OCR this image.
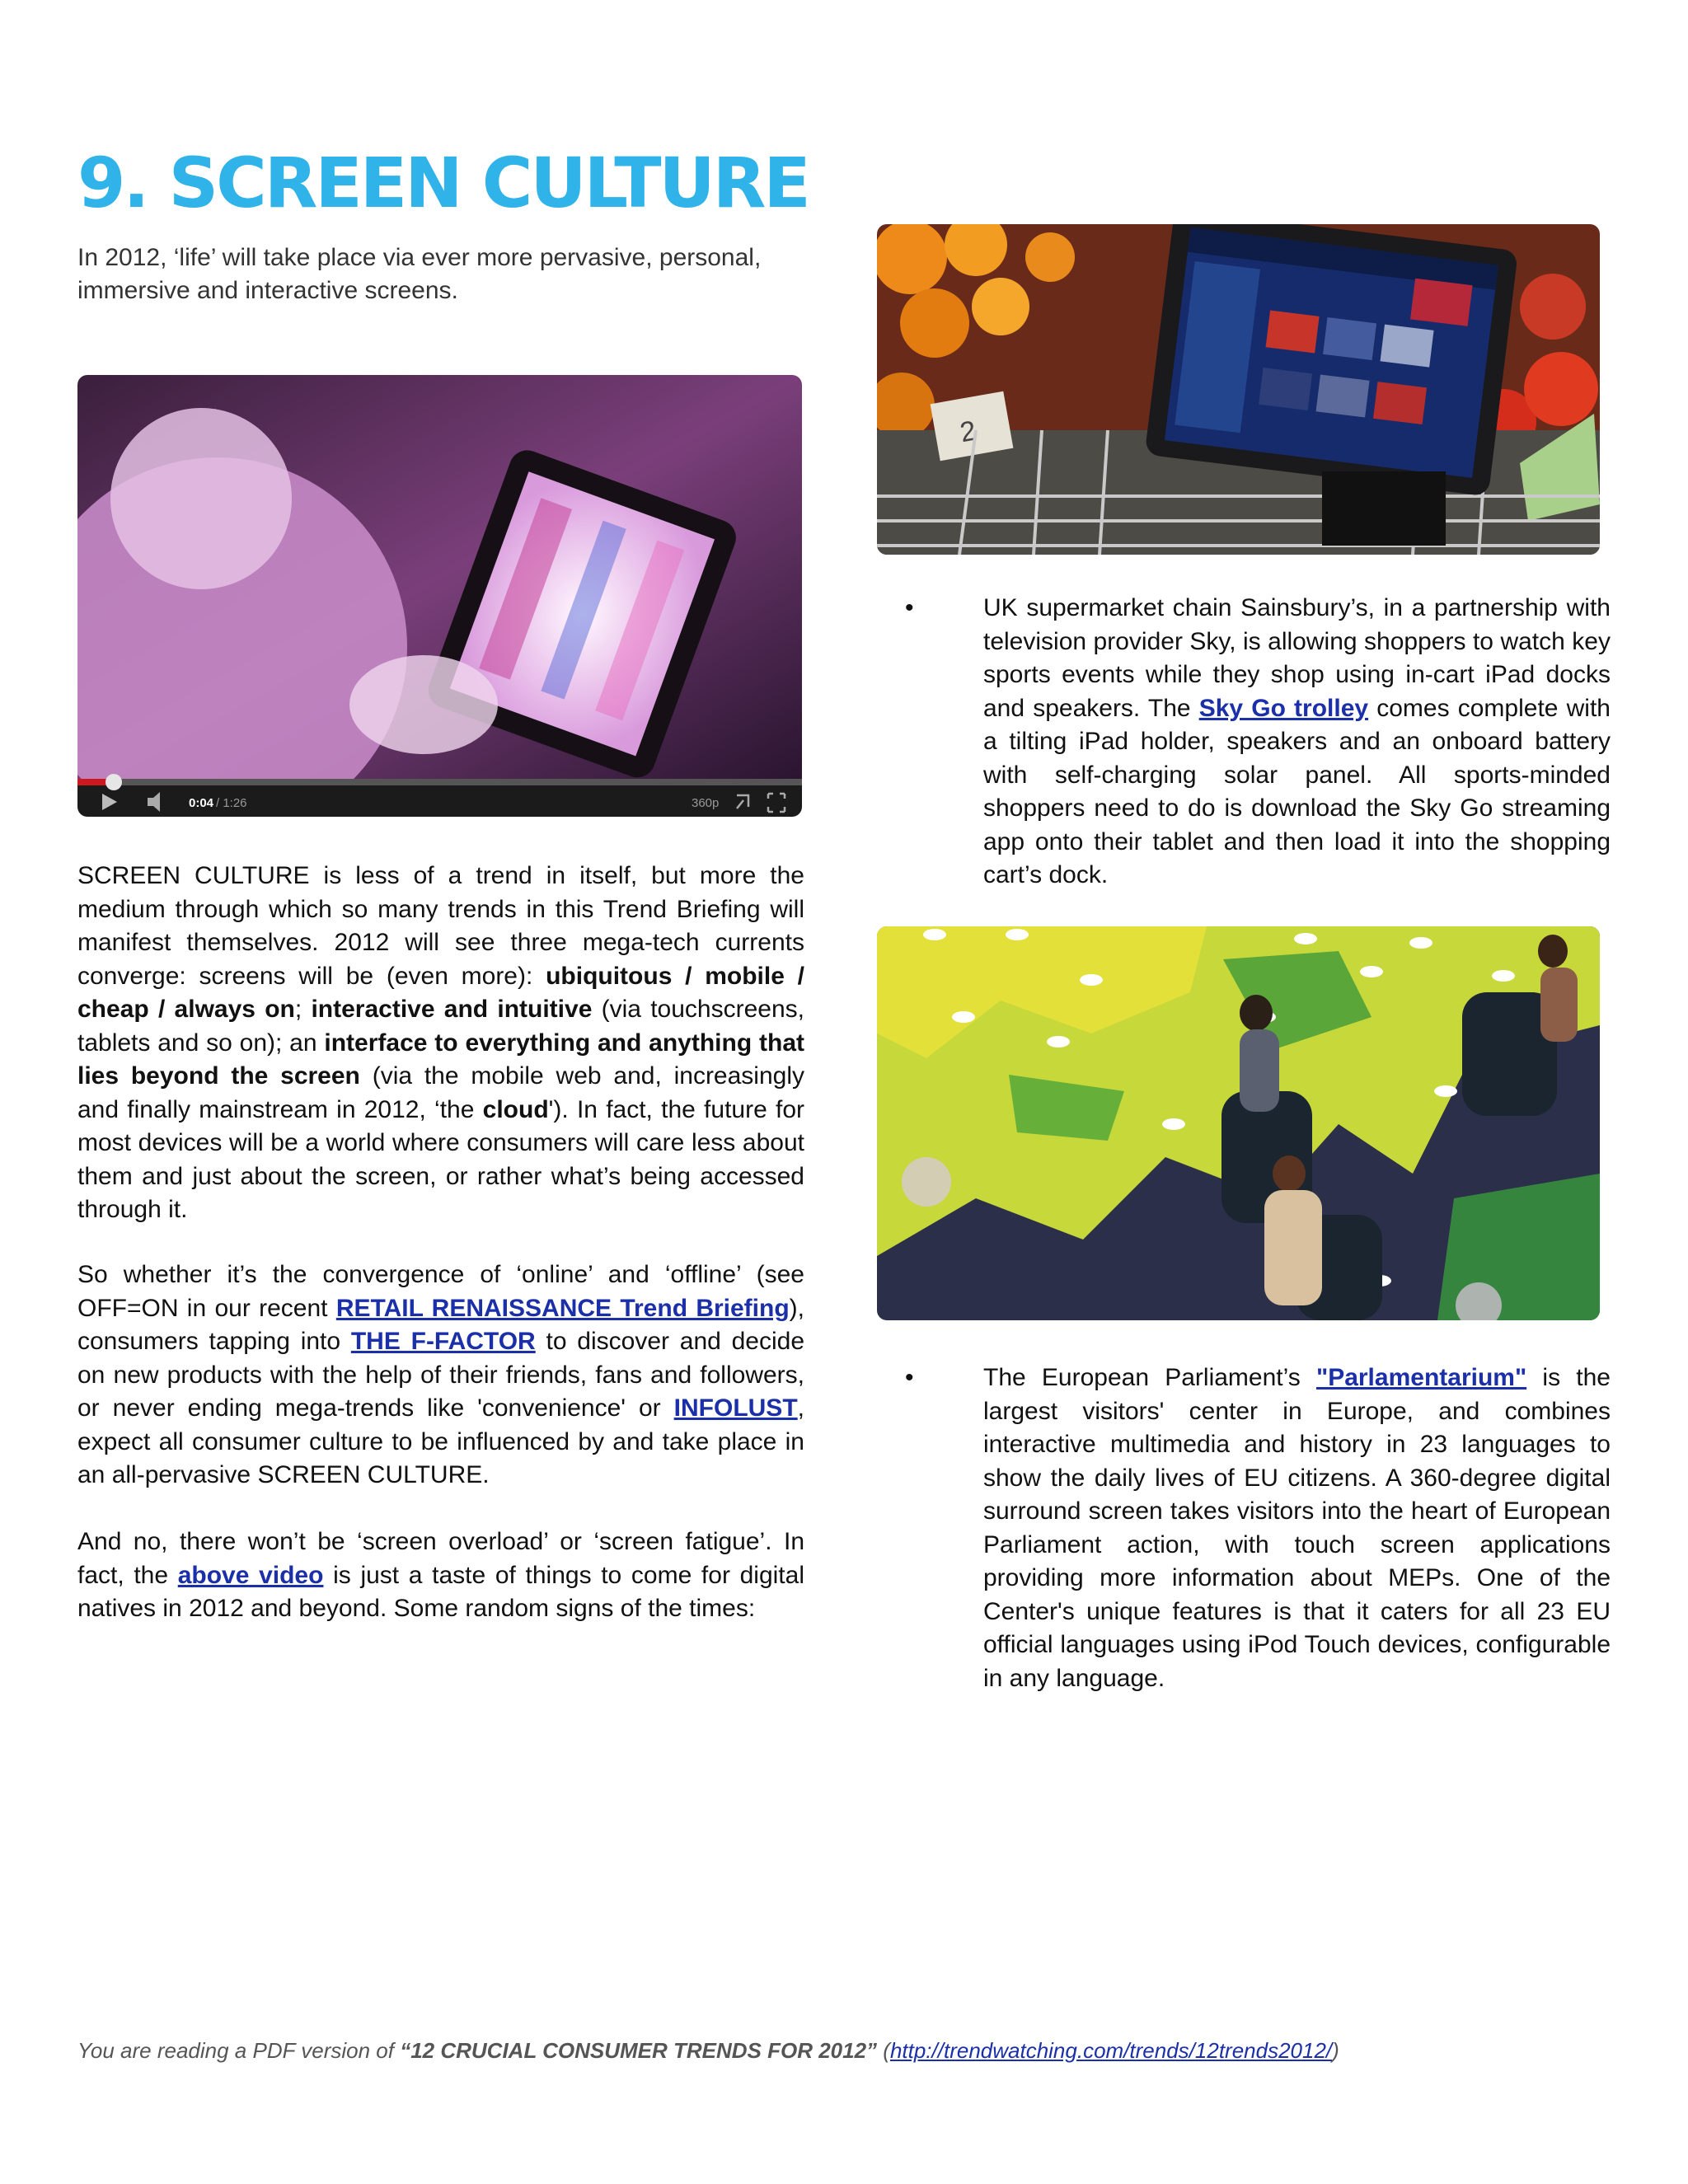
9. SCREEN CULTURE

In 2012, ‘life’ will take place via ever more pervasive, personal, immersive and interactive screens.

0:04 / 1:26	360p
2

SCREEN CULTURE is less of a trend in itself, but more the medium through which so many trends in this Trend Briefing will manifest themselves. 2012 will see three mega-tech currents converge: screens will be (even more): ubiquitous / mobile / cheap / always on; interactive and intuitive (via touchscreens, tablets and so on); an interface to everything and anything that lies beyond the screen (via the mobile web and, increasingly and finally mainstream in 2012, ‘the cloud'). In fact, the future for most devices will be a world where consumers will care less about them and just about the screen, or rather what’s being accessed through it.

So whether it’s the convergence of ‘online’ and ‘offline’ (see OFF=ON in our recent RETAIL RENAISSANCE Trend Briefing), consumers tapping into THE F-FACTOR to discover and decide on new products with the help of their friends, fans and followers, or never ending mega-trends like 'convenience' or INFOLUST, expect all consumer culture to be influenced by and take place in an all-pervasive SCREEN CULTURE.

And no, there won’t be ‘screen overload’ or ‘screen fatigue’. In fact, the above video is just a taste of things to come for digital natives in 2012 and beyond. Some random signs of the times:

•	UK supermarket chain Sainsbury’s, in a partnership with television provider Sky, is allowing shoppers to watch key sports events while they shop using in-cart iPad docks and speakers. The Sky Go trolley comes complete with a tilting iPad holder, speakers and an onboard battery with self-charging solar panel. All sports-minded shoppers need to do is download the Sky Go streaming app onto their tablet and then load it into the shopping cart’s dock.

•	The European Parliament’s "Parlamentarium" is the largest visitors' center in Europe, and combines interactive multimedia and history in 23 languages to show the daily lives of EU citizens. A 360-degree digital surround screen takes visitors into the heart of European Parliament action, with touch screen applications providing more information about MEPs. One of the Center's unique features is that it caters for all 23 EU official languages using iPod Touch devices, configurable in any language.

You are reading a PDF version of “12 CRUCIAL CONSUMER TRENDS FOR 2012” (http://trendwatching.com/trends/12trends2012/)
